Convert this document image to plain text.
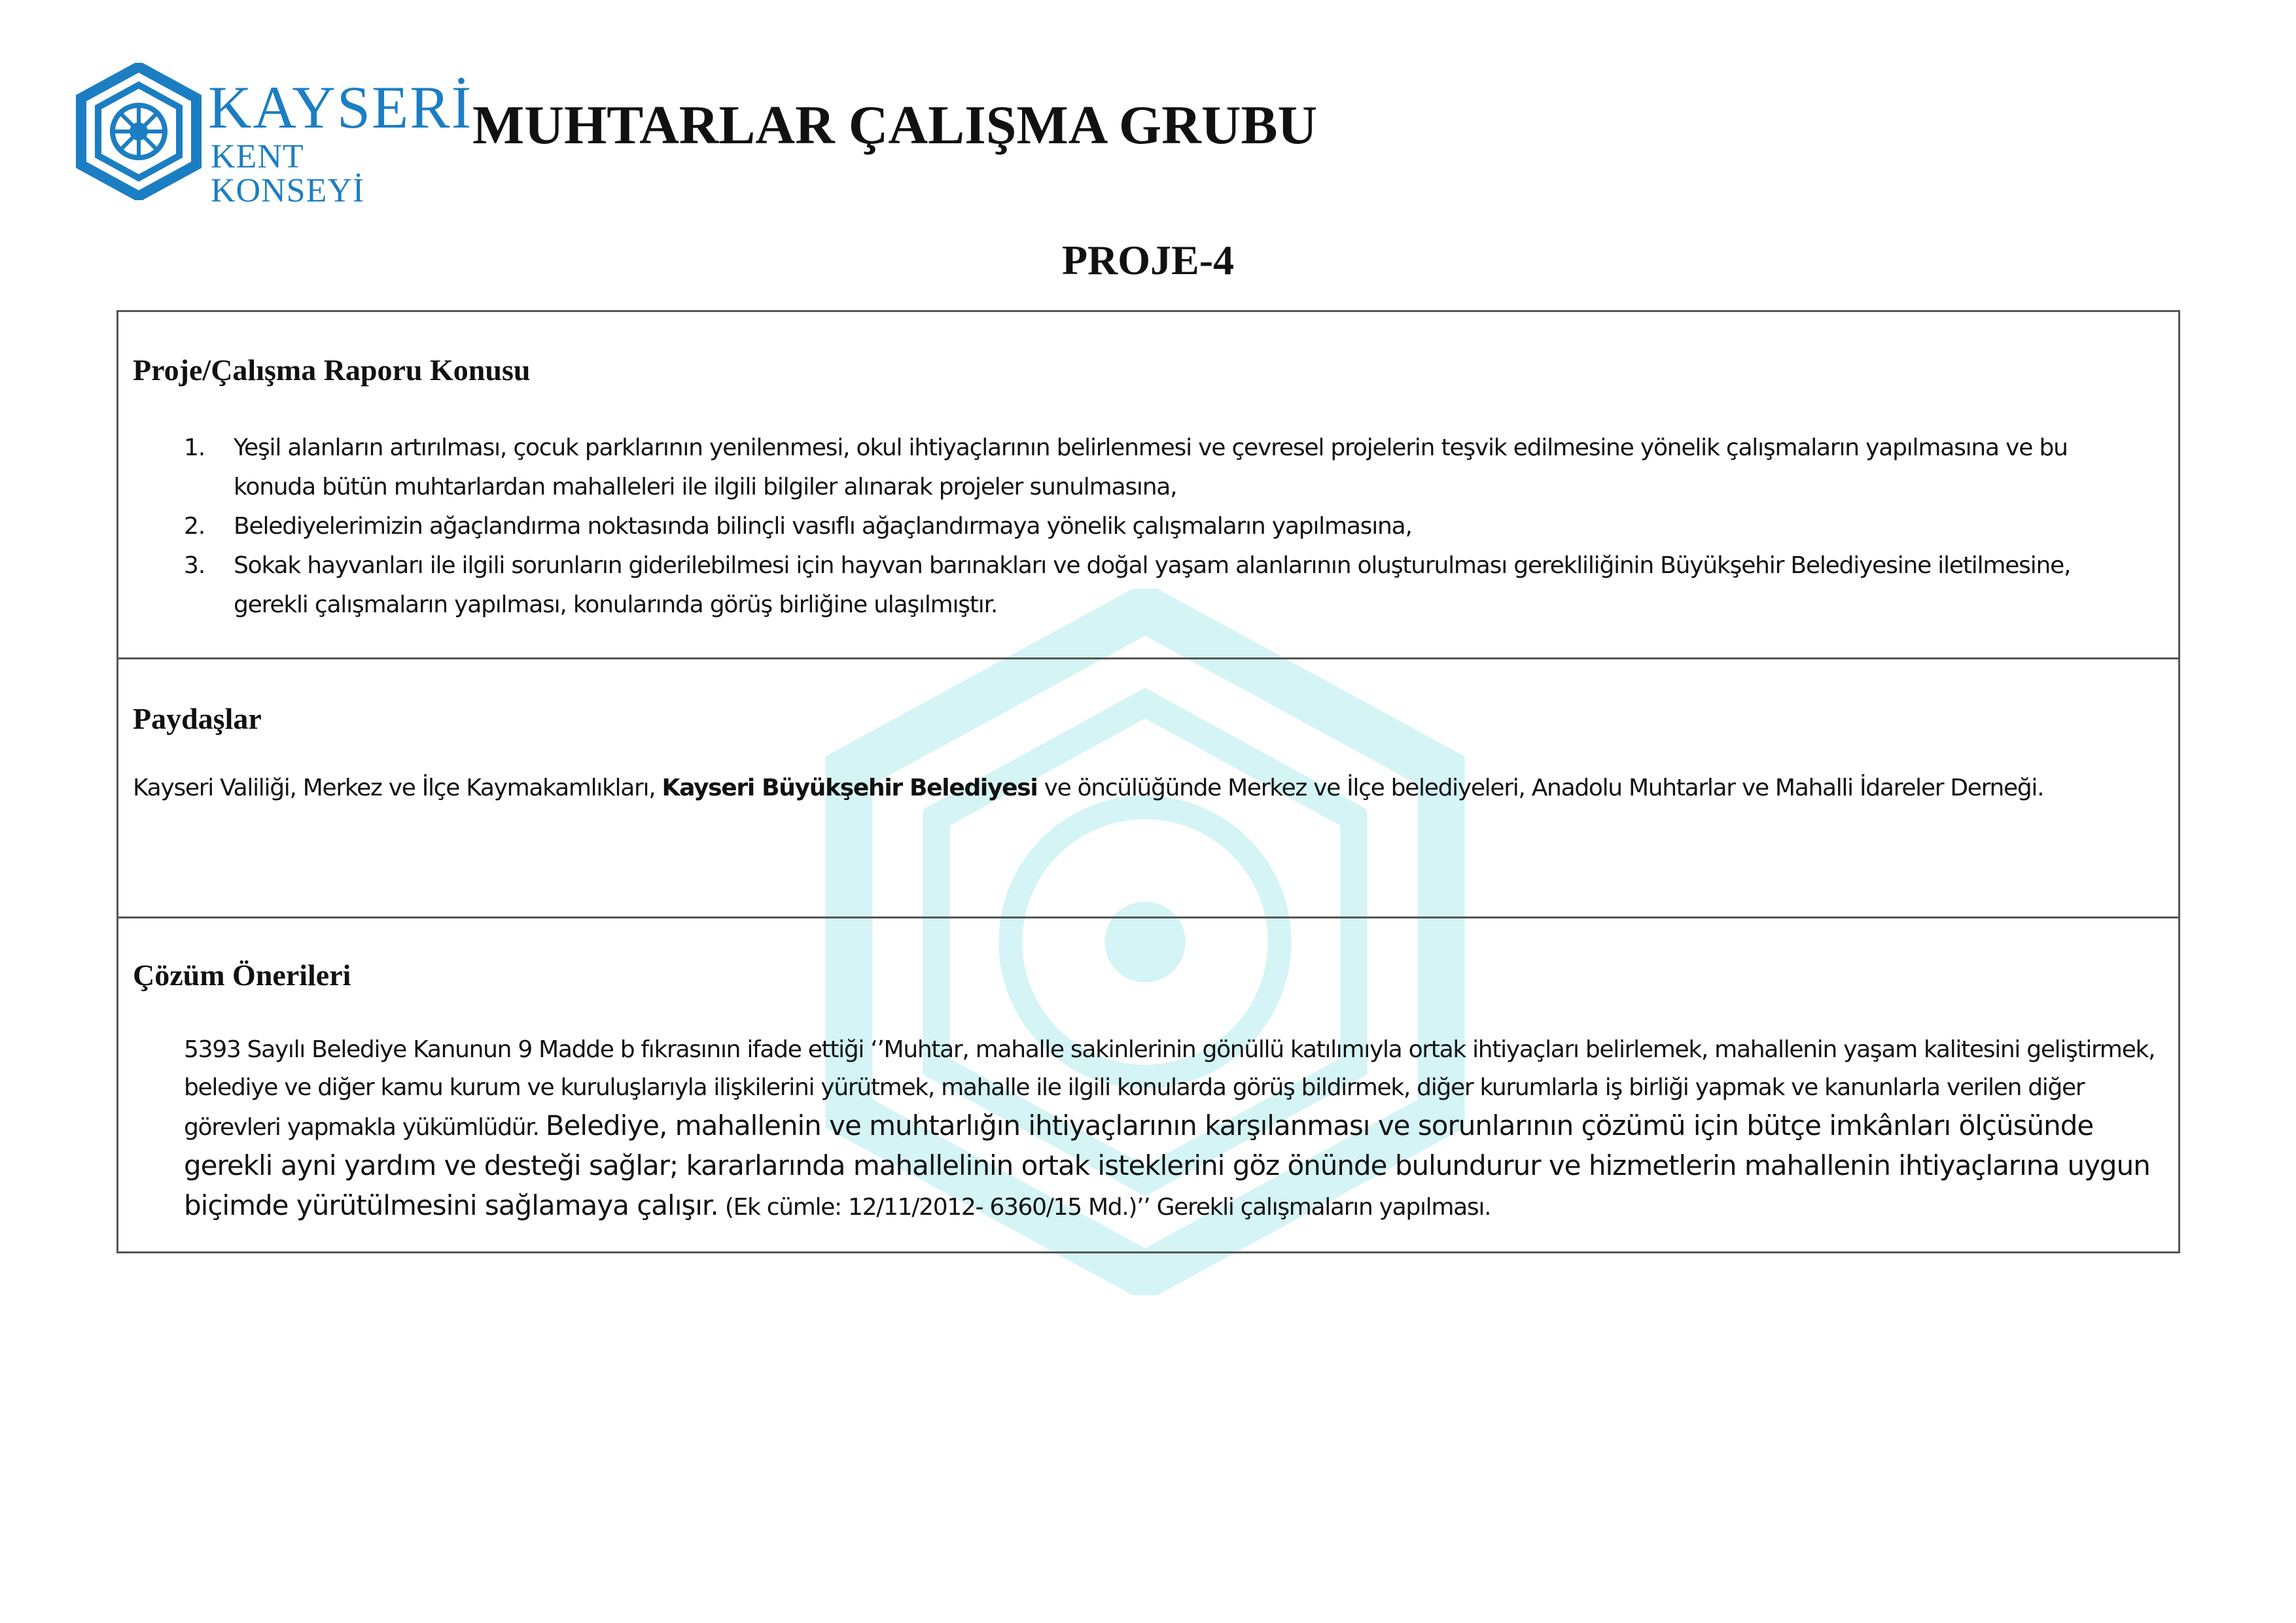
KAYSERİ
KENT KONSEYİ
MUHTARLAR ÇALIŞMA GRUBU
PROJE-4
Proje/Çalışma Raporu Konusu
1. Yeşil alanların artırılması, çocuk parklarının yenilenmesi, okul ihtiyaçlarının belirlenmesi ve çevresel projelerin teşvik edilmesine yönelik çalışmaların yapılmasına ve bu konuda bütün muhtarlardan mahalleleri ile ilgili bilgiler alınarak projeler sunulmasına,
2. Belediyelerimizin ağaçlandırma noktasında bilinçli vasıflı ağaçlandırmaya yönelik çalışmaların yapılmasına,
3. Sokak hayvanları ile ilgili sorunların giderilebilmesi için hayvan barınakları ve doğal yaşam alanlarının oluşturulması gerekliliğinin Büyükşehir Belediyesine iletilmesine, gerekli çalışmaların yapılması, konularında görüş birliğine ulaşılmıştır.
Paydaşlar
Kayseri Valiliği, Merkez ve İlçe Kaymakamlıkları, Kayseri Büyükşehir Belediyesi ve öncülüğünde Merkez ve İlçe belediyeleri, Anadolu Muhtarlar ve Mahalli İdareler Derneği.
Çözüm Önerileri
5393 Sayılı Belediye Kanunun 9 Madde b fıkrasının ifade ettiği ‘’Muhtar, mahalle sakinlerinin gönüllü katılımıyla ortak ihtiyaçları belirlemek, mahallenin yaşam kalitesini geliştirmek, belediye ve diğer kamu kurum ve kuruluşlarıyla ilişkilerini yürütmek, mahalle ile ilgili konularda görüş bildirmek, diğer kurumlarla iş birliği yapmak ve kanunlarla verilen diğer görevleri yapmakla yükümlüdür. Belediye, mahallenin ve muhtarlığın ihtiyaçlarının karşılanması ve sorunlarının çözümü için bütçe imkânları ölçüsünde gerekli ayni yardım ve desteği sağlar; kararlarında mahallelinin ortak isteklerini göz önünde bulundurur ve hizmetlerin mahallenin ihtiyaçlarına uygun biçimde yürütülmesini sağlamaya çalışır. (Ek cümle: 12/11/2012- 6360/15 Md.)’’ Gerekli çalışmaların yapılması.
